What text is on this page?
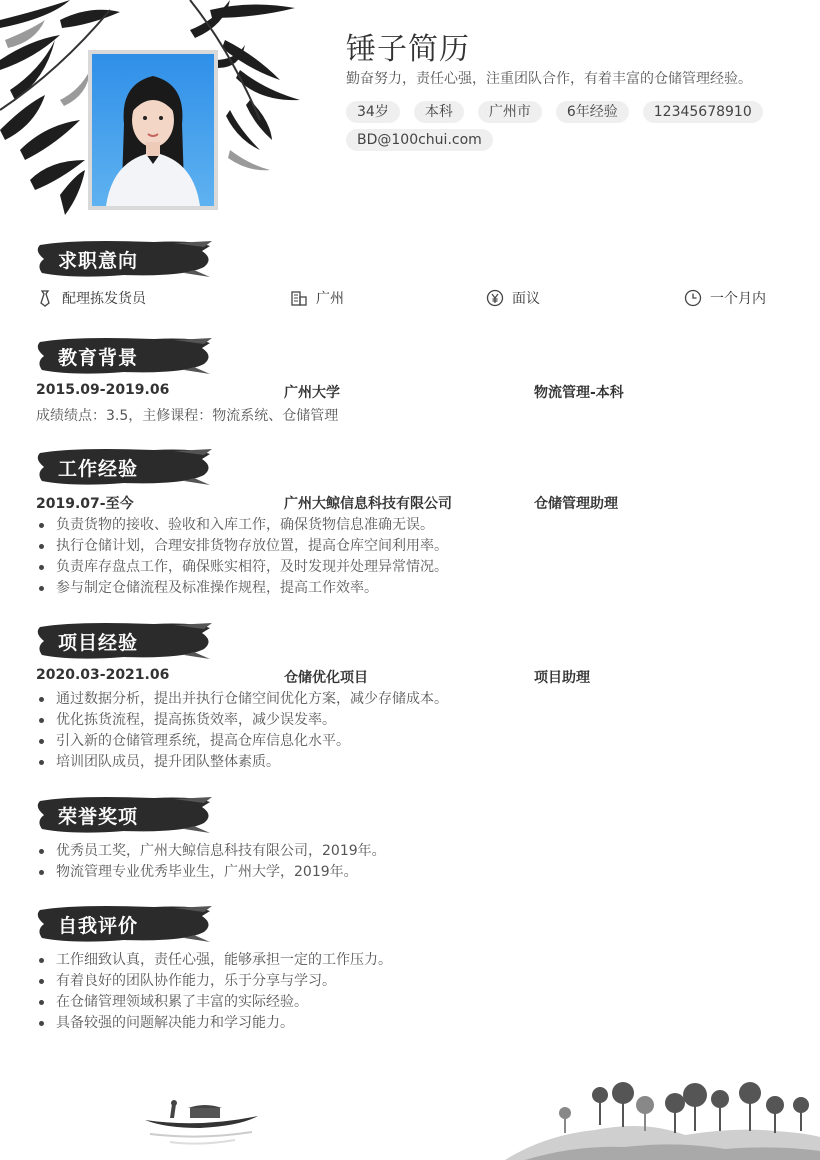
锤子简历
勤奋努力，责任心强，注重团队合作，有着丰富的仓储管理经验。
34岁	本科	广州市	6年经验	12345678910
BD@100chui.com
求职意向
配理拣发货员	广州	面议	一个月内
教育背景
2015.09-2019.06	广州大学	物流管理-本科
成绩绩点：3.5，主修课程：物流系统、仓储管理
工作经验
2019.07-至今	广州大鲸信息科技有限公司	仓储管理助理
负责货物的接收、验收和入库工作，确保货物信息准确无误。
执行仓储计划，合理安排货物存放位置，提高仓库空间利用率。
负责库存盘点工作，确保账实相符，及时发现并处理异常情况。
参与制定仓储流程及标准操作规程，提高工作效率。
项目经验
2020.03-2021.06	仓储优化项目	项目助理
通过数据分析，提出并执行仓储空间优化方案，减少存储成本。
优化拣货流程，提高拣货效率，减少误发率。
引入新的仓储管理系统，提高仓库信息化水平。
培训团队成员，提升团队整体素质。
荣誉奖项
优秀员工奖，广州大鲸信息科技有限公司，2019年。
物流管理专业优秀毕业生，广州大学，2019年。
自我评价
工作细致认真，责任心强，能够承担一定的工作压力。
有着良好的团队协作能力，乐于分享与学习。
在仓储管理领域积累了丰富的实际经验。
具备较强的问题解决能力和学习能力。
